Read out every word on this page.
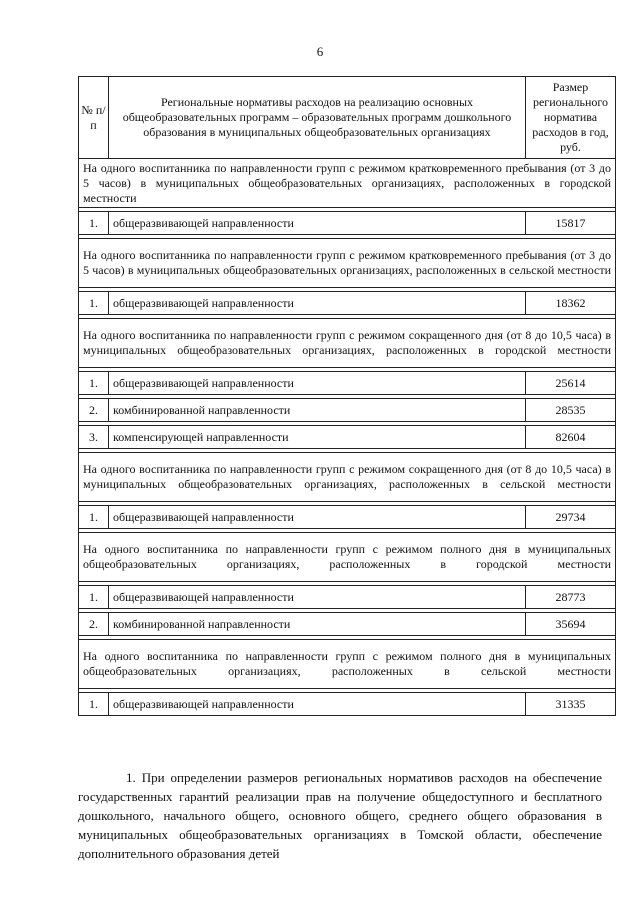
6
№ п/п	Региональные нормативы расходов на реализацию основных общеобразовательных программ – образовательных программ дошкольного образования в муниципальных общеобразовательных организациях	Размер регионального норматива расходов в год, руб.
На одного воспитанника по направленности групп с режимом кратковременного пребывания (от 3 до 5 часов) в муниципальных общеобразовательных организациях, расположенных в городской местности		

1.	общеразвивающей направленности	15817

На одного воспитанника по направленности групп с режимом кратковременного пребывания (от 3 до 5 часов) в муниципальных общеобразовательных организациях, расположенных в сельской местности		

1.	общеразвивающей направленности	18362

На одного воспитанника по направленности групп с режимом сокращенного дня (от 8 до 10,5 часа) в муниципальных общеобразовательных организациях, расположенных в городской местности		

1.	общеразвивающей направленности	25614

2.	комбинированной направленности	28535

3.	компенсирующей направленности	82604

На одного воспитанника по направленности групп с режимом сокращенного дня (от 8 до 10,5 часа) в муниципальных общеобразовательных организациях, расположенных в сельской местности		

1.	общеразвивающей направленности	29734

На одного воспитанника по направленности групп с режимом полного дня в муниципальных общеобразовательных организациях, расположенных в городской местности		

1.	общеразвивающей направленности	28773

2.	комбинированной направленности	35694

На одного воспитанника по направленности групп с режимом полного дня в муниципальных общеобразовательных организациях, расположенных в сельской местности		

1.	общеразвивающей направленности	31335

1. При определении размеров региональных нормативов расходов на обеспечение государственных гарантий реализации прав на получение общедоступного и бесплатного дошкольного, начального общего, основного общего, среднего общего образования в муниципальных общеобразовательных организациях в Томской области, обеспечение дополнительного образования детей
